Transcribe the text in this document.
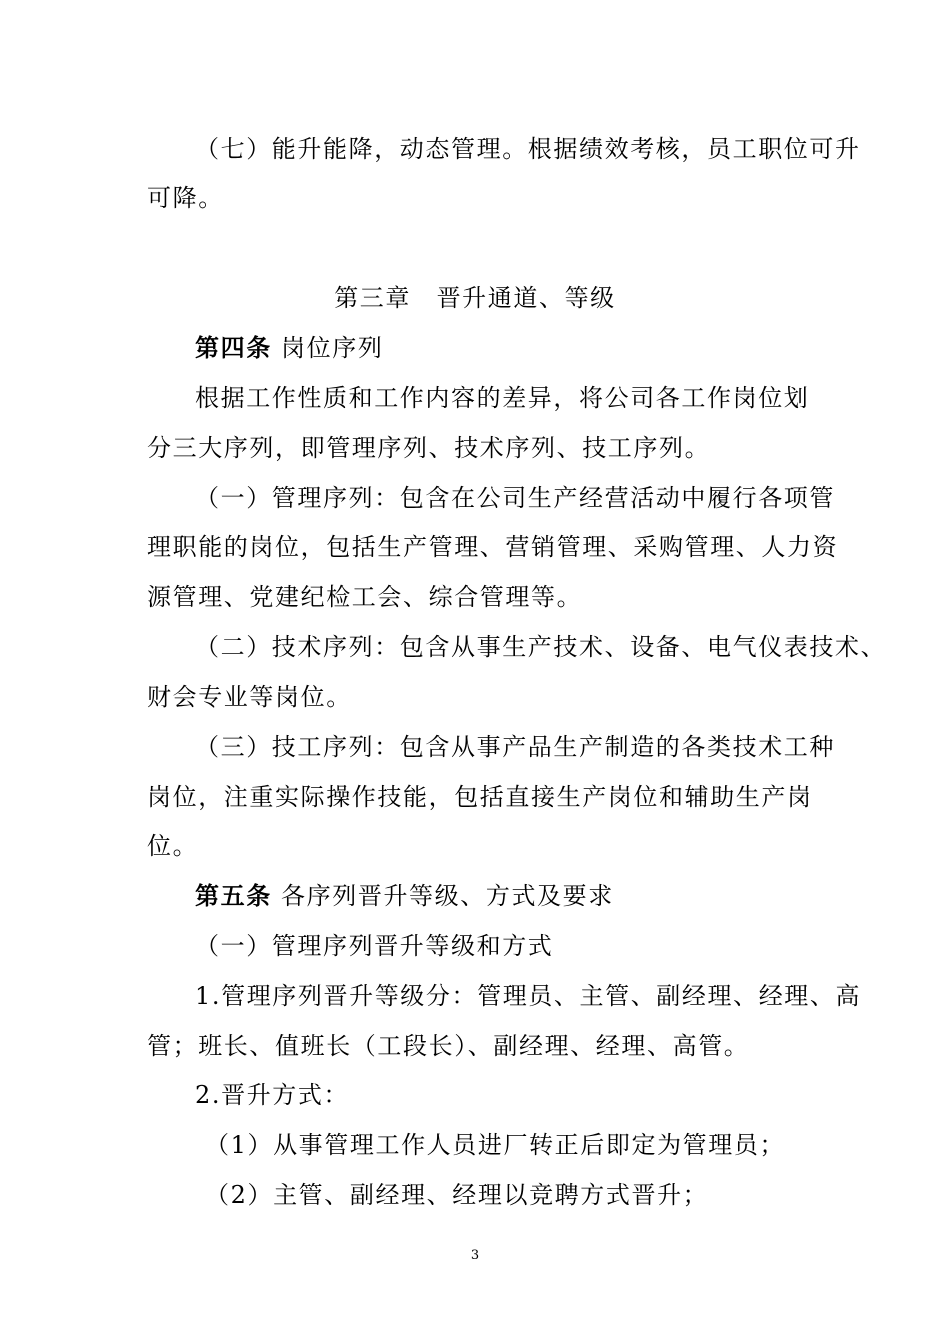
（七）能升能降，动态管理。根据绩效考核，员工职位可升
可降。
第三章　晋升通道、等级
第四条 岗位序列
根据工作性质和工作内容的差异，将公司各工作岗位划
分三大序列，即管理序列、技术序列、技工序列。
（一）管理序列：包含在公司生产经营活动中履行各项管
理职能的岗位，包括生产管理、营销管理、采购管理、人力资
源管理、党建纪检工会、综合管理等。
（二）技术序列：包含从事生产技术、设备、电气仪表技术、
财会专业等岗位。
（三）技工序列：包含从事产品生产制造的各类技术工种
岗位，注重实际操作技能，包括直接生产岗位和辅助生产岗
位。
第五条 各序列晋升等级、方式及要求
（一）管理序列晋升等级和方式
1.管理序列晋升等级分：管理员、主管、副经理、经理、高
管；班长、值班长（工段长）、副经理、经理、高管。
2.晋升方式：
（1）从事管理工作人员进厂转正后即定为管理员；
（2）主管、副经理、经理以竞聘方式晋升；
3
